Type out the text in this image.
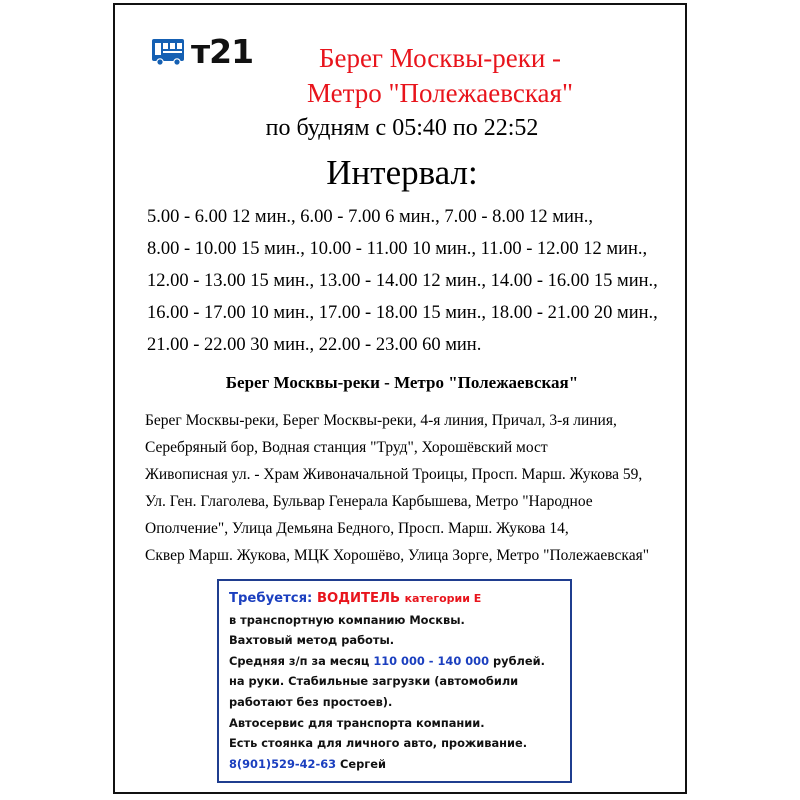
т21	Берег Москвы-реки -
Метро "Полежаевская"
по будням с 05:40 по 22:52
Интервал:
5.00 - 6.00 12 мин., 6.00 - 7.00 6 мин., 7.00 - 8.00 12 мин.,
8.00 - 10.00 15 мин., 10.00 - 11.00 10 мин., 11.00 - 12.00 12 мин.,
12.00 - 13.00 15 мин., 13.00 - 14.00 12 мин., 14.00 - 16.00 15 мин.,
16.00 - 17.00 10 мин., 17.00 - 18.00 15 мин., 18.00 - 21.00 20 мин.,
21.00 - 22.00 30 мин., 22.00 - 23.00 60 мин.
Берег Москвы-реки - Метро "Полежаевская"
Берег Москвы-реки, Берег Москвы-реки, 4-я линия, Причал, 3-я линия,
Серебряный бор, Водная станция "Труд", Хорошёвский мост
Живописная ул. - Храм Живоначальной Троицы, Просп. Марш. Жукова 59,
Ул. Ген. Глаголева, Бульвар Генерала Карбышева, Метро "Народное
Ополчение", Улица Демьяна Бедного, Просп. Марш. Жукова 14,
Сквер Марш. Жукова, МЦК Хорошёво, Улица Зорге, Метро "Полежаевская"
Требуется: ВОДИТЕЛЬ категории Е
в транспортную компанию Москвы.
Вахтовый метод работы.
Средняя з/п за месяц 110 000 - 140 000 рублей.
на руки. Стабильные загрузки (автомобили
работают без простоев).
Автосервис для транспорта компании.
Есть стоянка для личного авто, проживание.
8(901)529-42-63 Сергей
